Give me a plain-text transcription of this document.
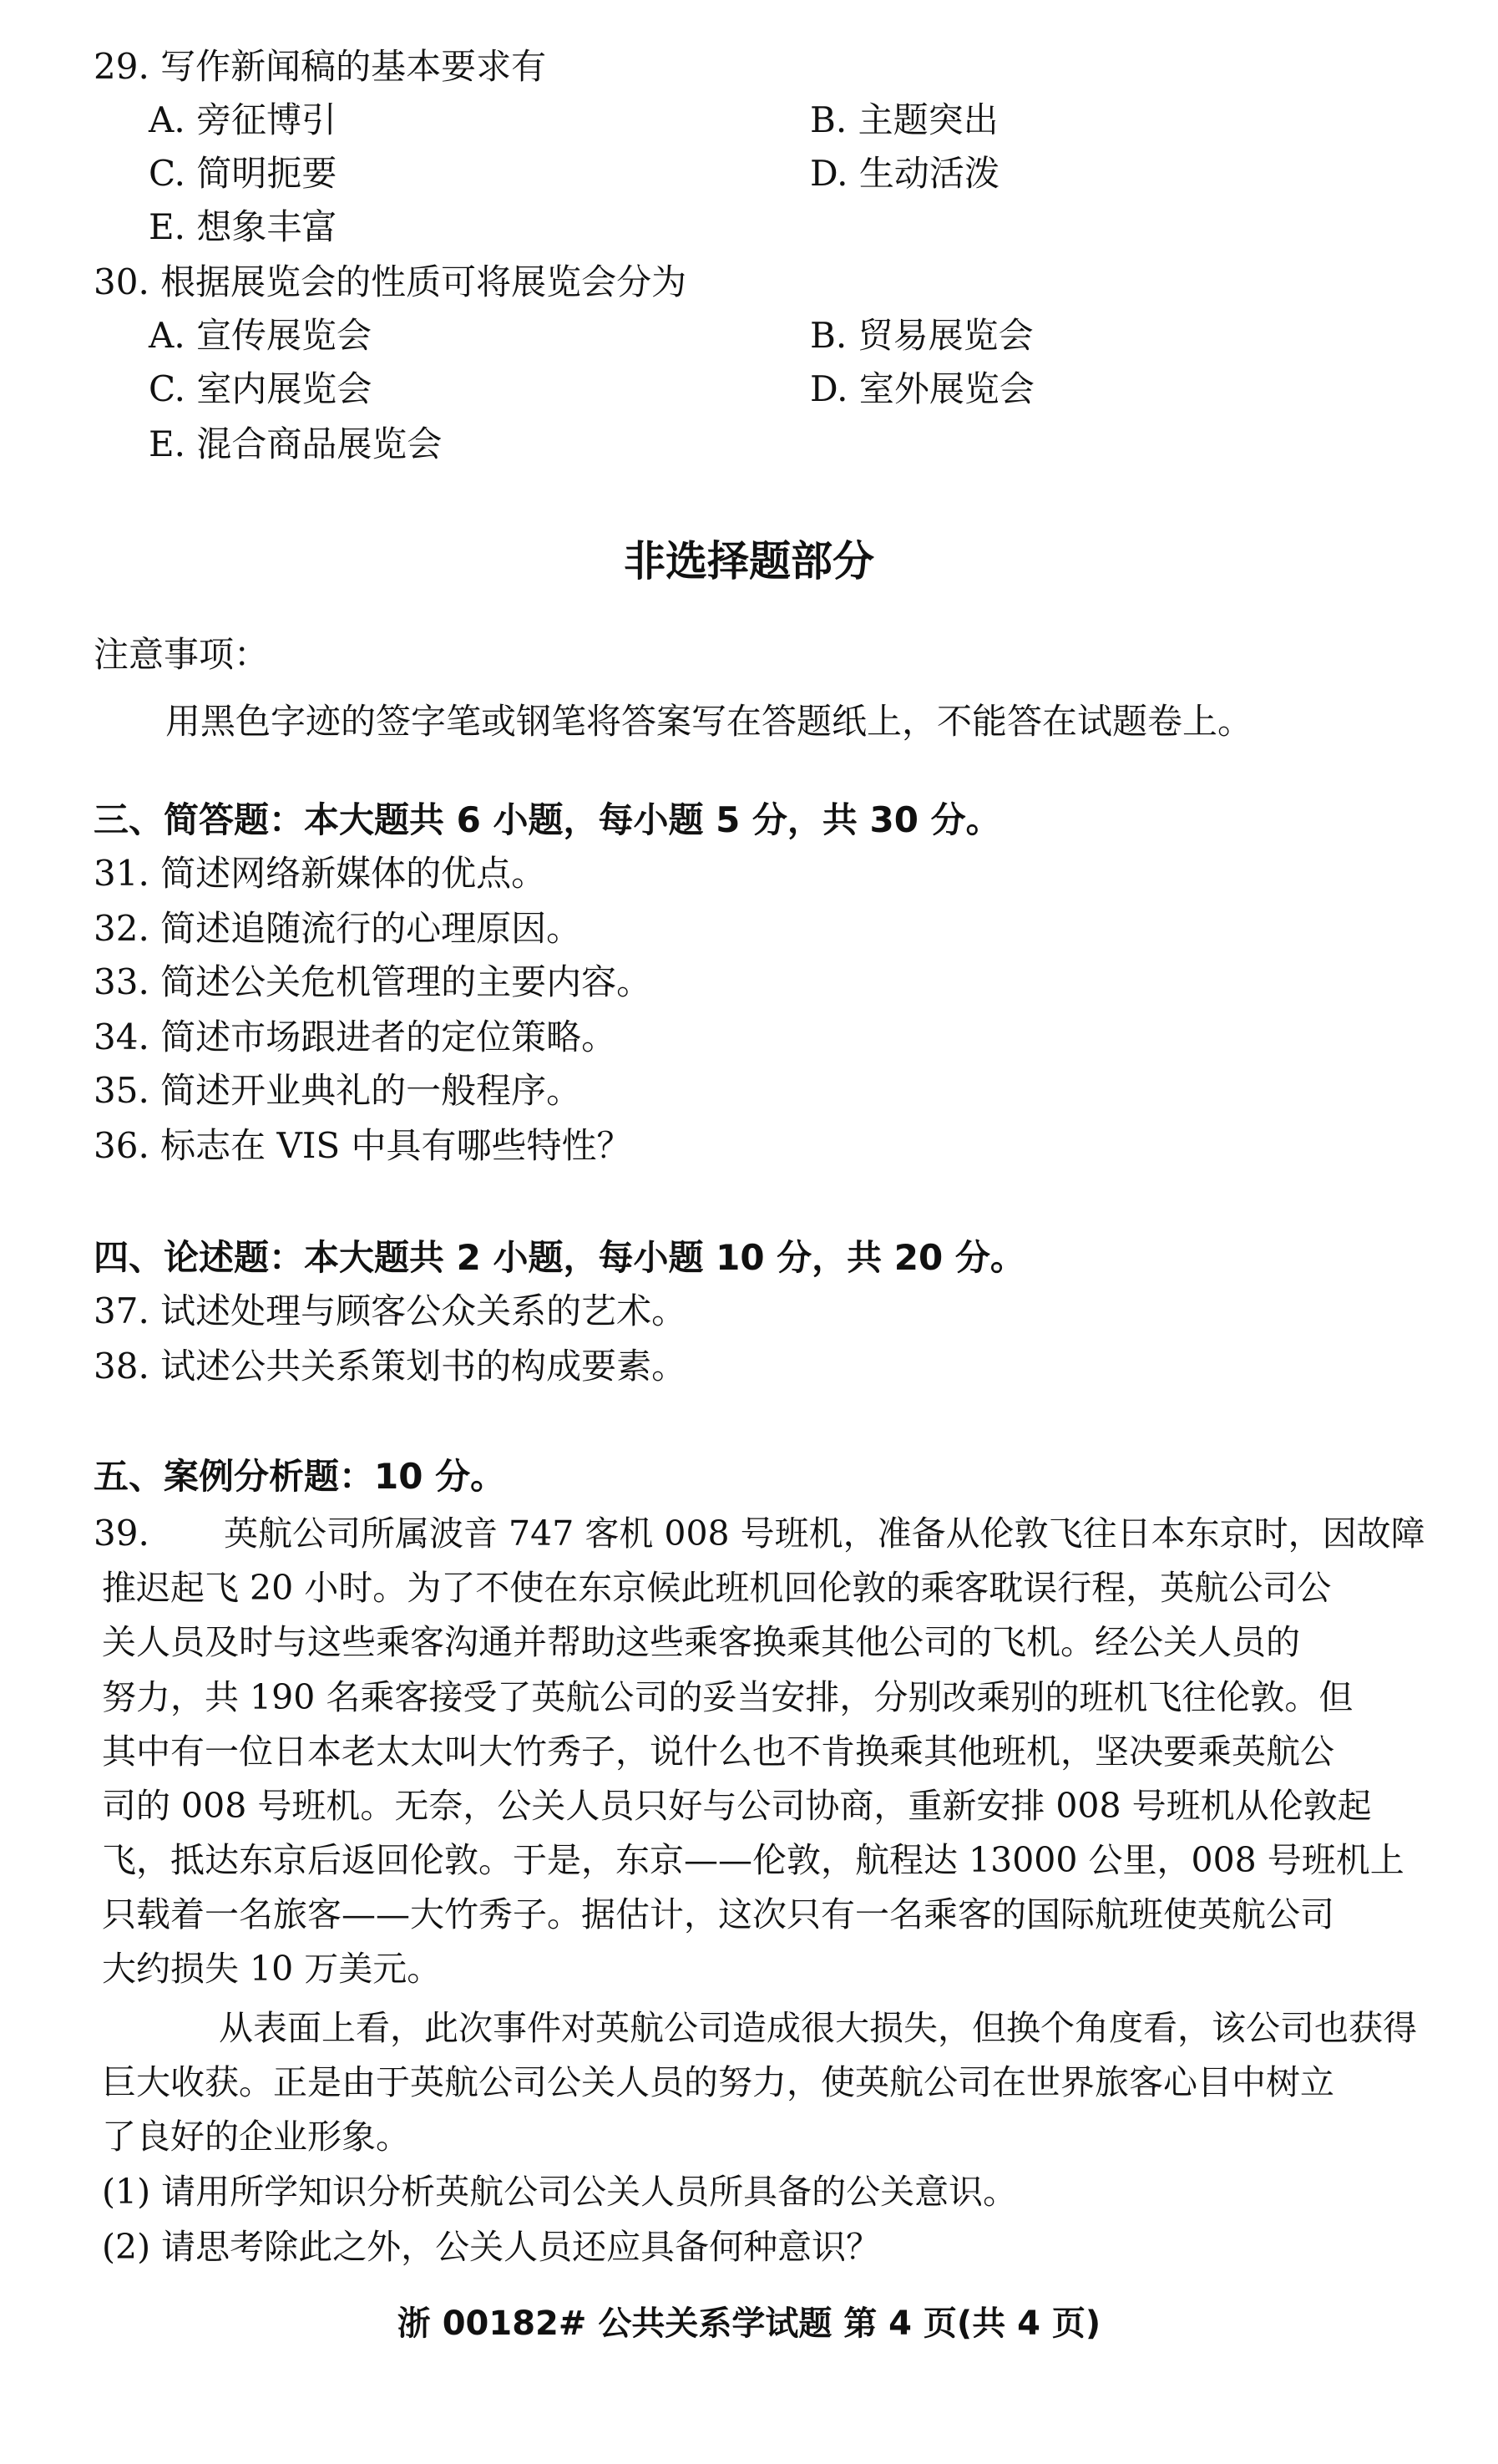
29. 写作新闻稿的基本要求有
A. 旁征博引	B. 主题突出
C. 简明扼要	D. 生动活泼
E. 想象丰富
30. 根据展览会的性质可将展览会分为
A. 宣传展览会	B. 贸易展览会
C. 室内展览会	D. 室外展览会
E. 混合商品展览会
非选择题部分
注意事项：
用黑色字迹的签字笔或钢笔将答案写在答题纸上，不能答在试题卷上。
三、简答题：本大题共 6 小题，每小题 5 分，共 30 分。
31. 简述网络新媒体的优点。
32. 简述追随流行的心理原因。
33. 简述公关危机管理的主要内容。
34. 简述市场跟进者的定位策略。
35. 简述开业典礼的一般程序。
36. 标志在 VIS 中具有哪些特性？
四、论述题：本大题共 2 小题，每小题 10 分，共 20 分。
37. 试述处理与顾客公众关系的艺术。
38. 试述公共关系策划书的构成要素。
五、案例分析题：10 分。
39. 英航公司所属波音 747 客机 008 号班机，准备从伦敦飞往日本东京时，因故障
推迟起飞 20 小时。为了不使在东京候此班机回伦敦的乘客耽误行程，英航公司公
关人员及时与这些乘客沟通并帮助这些乘客换乘其他公司的飞机。经公关人员的
努力，共 190 名乘客接受了英航公司的妥当安排，分别改乘别的班机飞往伦敦。但
其中有一位日本老太太叫大竹秀子，说什么也不肯换乘其他班机，坚决要乘英航公
司的 008 号班机。无奈，公关人员只好与公司协商，重新安排 008 号班机从伦敦起
飞，抵达东京后返回伦敦。于是，东京——伦敦，航程达 13000 公里，008 号班机上
只载着一名旅客——大竹秀子。据估计，这次只有一名乘客的国际航班使英航公司
大约损失 10 万美元。
从表面上看，此次事件对英航公司造成很大损失，但换个角度看，该公司也获得
巨大收获。正是由于英航公司公关人员的努力，使英航公司在世界旅客心目中树立
了良好的企业形象。
(1) 请用所学知识分析英航公司公关人员所具备的公关意识。
(2) 请思考除此之外，公关人员还应具备何种意识？
浙 00182# 公共关系学试题 第 4 页(共 4 页)
